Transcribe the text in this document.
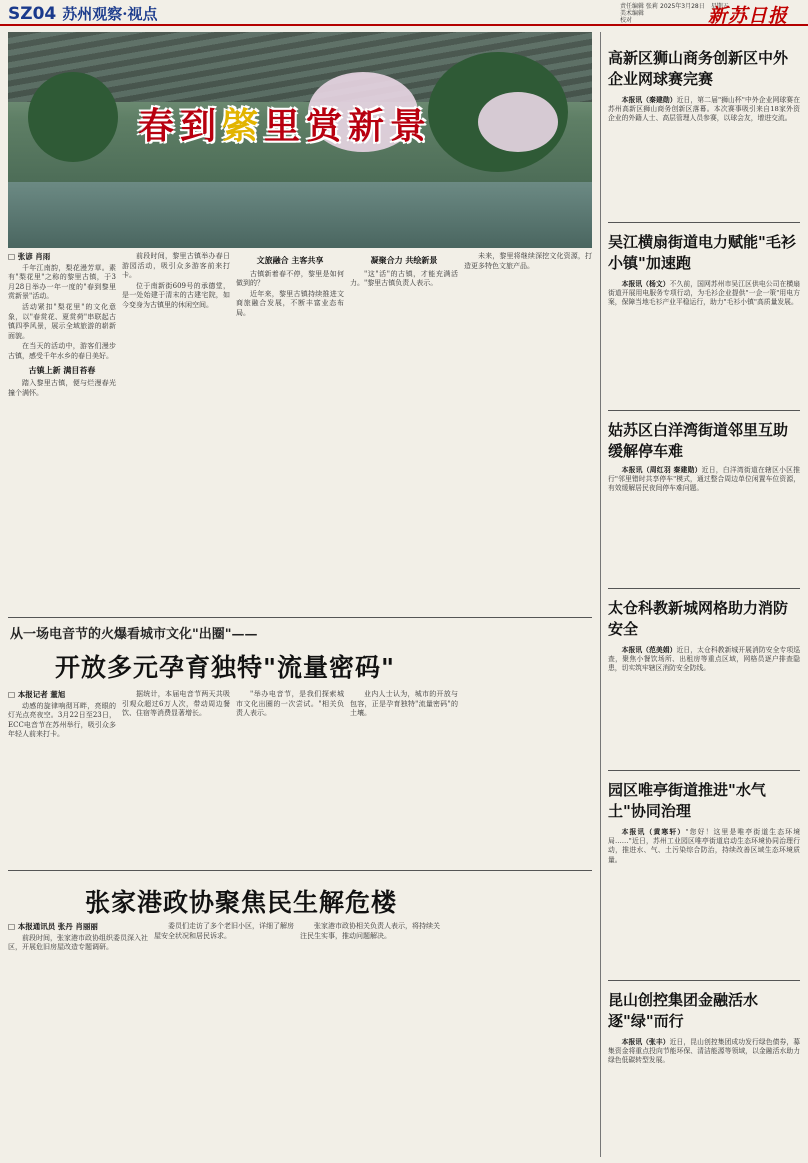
SZ04 苏州观察·视点	责任编辑 张莉
美术编辑
校对
2025年3月28日　星期五
新苏日报
春到綮里赏新景
□ 张谚 肖雨

千年江南韵，梨花漫芳草。素有"梨花里"之称的黎里古镇，于3月28日举办一年一度的"春到黎里 赏新景"活动。

活动紧扣"梨花里"的文化意象，以"春赏花、夏赏荷"串联起古镇四季风景，展示全域旅游的崭新面貌。

在当天的活动中，游客们漫步古镇，感受千年水乡的春日美好。

古镇上新 满目苔春

踏入黎里古镇，便与烂漫春光撞个满怀。

前段时间，黎里古镇举办春日游园活动，吸引众多游客前来打卡。

位于南新街609号的承德堂，是一处始建于清末的古建宅院，如今变身为古镇里的休闲空间。

文旅融合 主客共享

古镇新着春不停，黎里是如何做到的？

近年来，黎里古镇持续推进文商旅融合发展，不断丰富业态布局。

凝聚合力 共绘新景

"这"活"的古镇，才能充满活力。"黎里古镇负责人表示。

未来，黎里将继续深挖文化资源，打造更多特色文旅产品。

从一场电音节的火爆看城市文化"出圈"——
开放多元孕育独特"流量密码"
□ 本报记者 董旭

动感的旋律响彻耳畔，亮眼的灯光点亮夜空。3月22日至23日，ECC电音节在苏州举行，吸引众多年轻人前来打卡。

据统计，本届电音节两天共吸引观众超过6万人次，带动周边餐饮、住宿等消费显著增长。

"举办电音节，是我们探索城市文化出圈的一次尝试。"相关负责人表示。

业内人士认为，城市的开放与包容，正是孕育独特"流量密码"的土壤。

张家港政协聚焦民生解危楼
□ 本报通讯员 张丹 肖丽丽

前段时间，张家港市政协组织委员深入社区，开展危旧房屋改造专题调研。

委员们走访了多个老旧小区，详细了解房屋安全状况和居民诉求。

张家港市政协相关负责人表示，将持续关注民生实事，推动问题解决。

高新区狮山商务创新区中外企业网球赛完赛

本报讯（秦建勋）近日，第二届"狮山杯"中外企业网球赛在苏州高新区狮山商务创新区落幕。本次赛事吸引来自18家外资企业的外籍人士、高层管理人员参赛，以球会友，增进交流。

吴江横扇街道电力赋能"毛衫小镇"加速跑

本报讯（杨文）不久前，国网苏州市吴江区供电公司在横扇街道开展用电服务专项行动，为毛衫企业提供"一企一策"用电方案，保障当地毛衫产业平稳运行，助力"毛衫小镇"高质量发展。

姑苏区白洋湾街道邻里互助缓解停车难

本报讯（周红羽 秦建勋）近日，白洋湾街道在辖区小区推行"邻里错时共享停车"模式，通过整合周边单位闲置车位资源，有效缓解居民夜间停车难问题。

太仓科教新城网格助力消防安全

本报讯（范美娟）近日，太仓科教新城开展消防安全专项巡查，聚焦小餐饮场所、出租房等重点区域，网格员逐户排查隐患，切实筑牢辖区消防安全防线。

园区唯亭街道推进"水气土"协同治理

本报讯（黄寒轩）"您好！这里是唯亭街道生态环境局……"近日，苏州工业园区唯亭街道启动生态环境协同治理行动，推进水、气、土污染综合防治，持续改善区域生态环境质量。

昆山创控集团金融活水逐"绿"而行

本报讯（张丰）近日，昆山创控集团成功发行绿色债券，募集资金将重点投向节能环保、清洁能源等领域，以金融活水助力绿色低碳转型发展。
